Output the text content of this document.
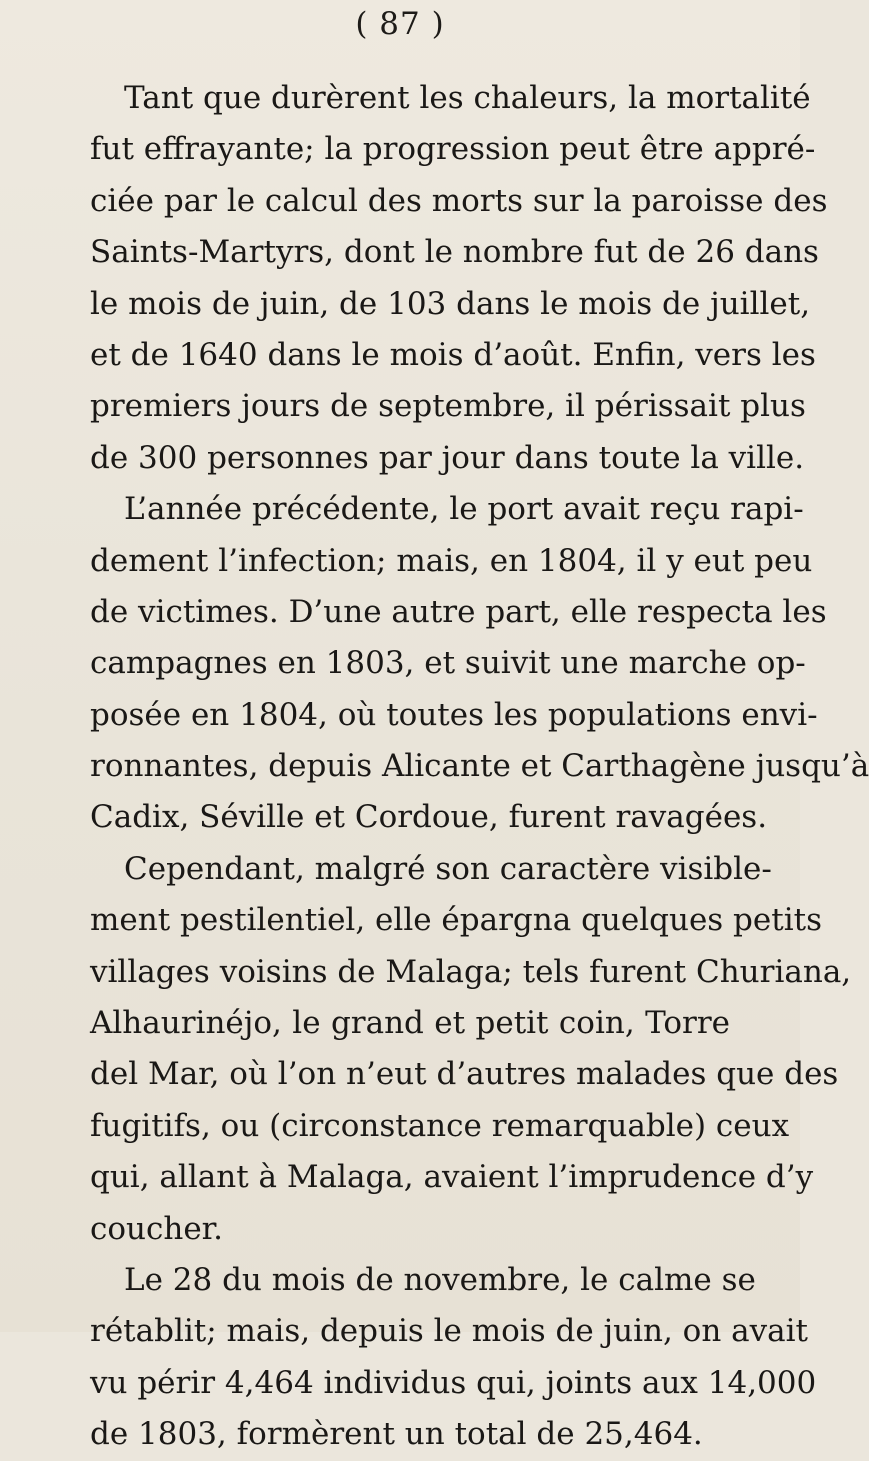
( 87 )

Tant que durèrent les chaleurs, la mortalité
fut effrayante; la progression peut être appré-
ciée par le calcul des morts sur la paroisse des
Saints-Martyrs, dont le nombre fut de 26 dans
le mois de juin, de 103 dans le mois de juillet,
et de 1640 dans le mois d’août. Enfin, vers les
premiers jours de septembre, il périssait plus
de 300 personnes par jour dans toute la ville.
L’année précédente, le port avait reçu rapi-
dement l’infection; mais, en 1804, il y eut peu
de victimes. D’une autre part, elle respecta les
campagnes en 1803, et suivit une marche op-
posée en 1804, où toutes les populations envi-
ronnantes, depuis Alicante et Carthagène jusqu’à
Cadix, Séville et Cordoue, furent ravagées.
Cependant, malgré son caractère visible-
ment pestilentiel, elle épargna quelques petits
villages voisins de Malaga; tels furent Churiana,
Alhaurinéjo, le grand et petit coin, Torre
del Mar, où l’on n’eut d’autres malades que des
fugitifs, ou (circonstance remarquable) ceux
qui, allant à Malaga, avaient l’imprudence d’y
coucher.
Le 28 du mois de novembre, le calme se
rétablit; mais, depuis le mois de juin, on avait
vu périr 4,464 individus qui, joints aux 14,000
de 1803, formèrent un total de 25,464.
